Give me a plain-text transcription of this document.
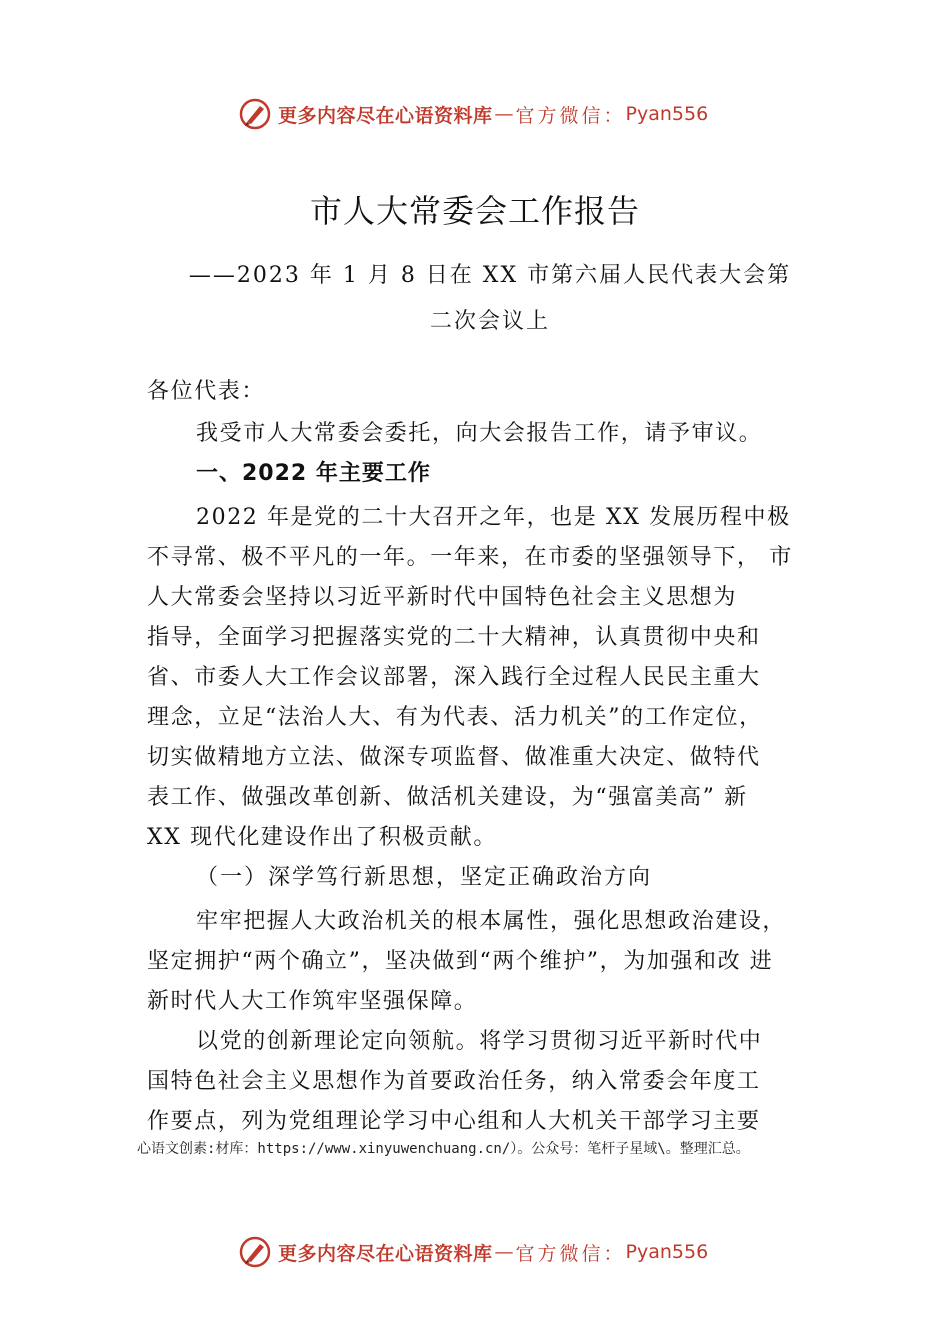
更多内容尽在心语资料库 — 官方微信： Pyan556
市人大常委会工作报告
——2023 年 1 月 8 日在 XX 市第六届人民代表大会第
二次会议上
各位代表：
我受市人大常委会委托，向大会报告工作，请予审议。
一、2022 年主要工作
2022 年是党的二十大召开之年，也是 XX 发展历程中极
不寻常、极不平凡的一年。一年来，在市委的坚强领导下， 市
人大常委会坚持以习近平新时代中国特色社会主义思想为
指导，全面学习把握落实党的二十大精神，认真贯彻中央和
省、市委人大工作会议部署，深入践行全过程人民民主重大
理念，立足“法治人大、有为代表、活力机关”的工作定位，
切实做精地方立法、做深专项监督、做准重大决定、做特代
表工作、做强改革创新、做活机关建设，为“强富美高” 新
XX 现代化建设作出了积极贡献。
（一）深学笃行新思想，坚定正确政治方向
牢牢把握人大政治机关的根本属性，强化思想政治建设，
坚定拥护“两个确立”，坚决做到“两个维护”，为加强和改 进
新时代人大工作筑牢坚强保障。
以党的创新理论定向领航。将学习贯彻习近平新时代中
国特色社会主义思想作为首要政治任务，纳入常委会年度工
作要点，列为党组理论学习中心组和人大机关干部学习主要
心语文创素:材库：https://www.xinyuwenchuang.cn/）。公众号：笔杆子星域\。整理汇总。
更多内容尽在心语资料库 — 官方微信： Pyan556
